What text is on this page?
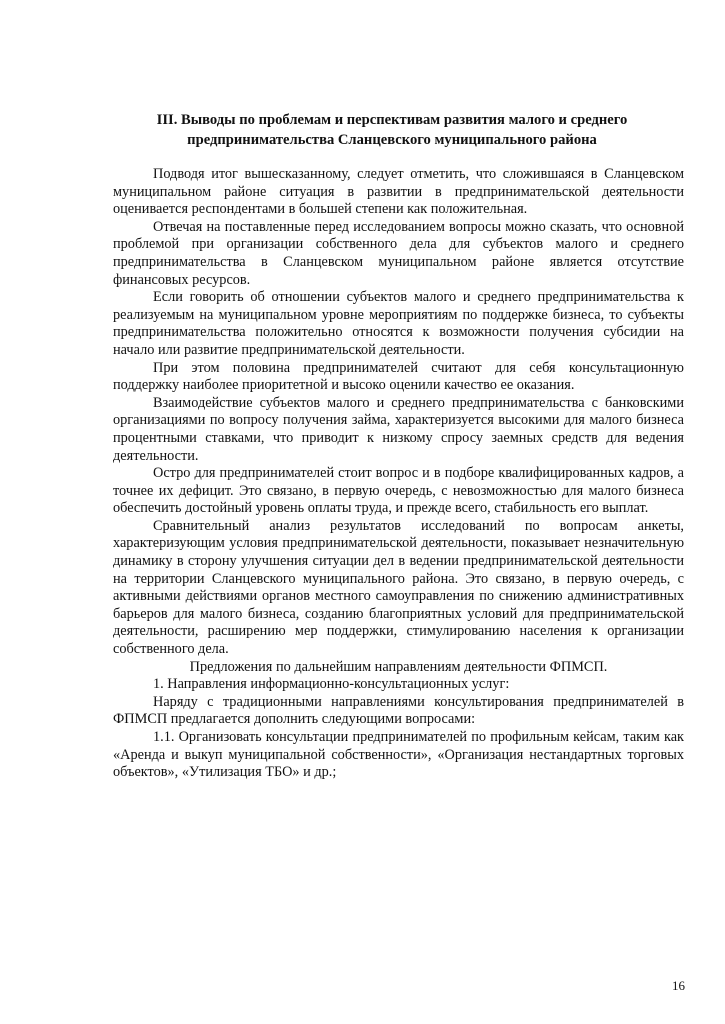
III. Выводы по проблемам и перспективам развития малого и среднего предпринимательства Сланцевского муниципального района

Подводя итог вышесказанному, следует отметить, что сложившаяся в Сланцевском муниципальном районе ситуация в развитии в предпринимательской деятельности оценивается респондентами в большей степени как положительная.

Отвечая на поставленные перед исследованием вопросы можно сказать, что основной проблемой при организации собственного дела для субъектов малого и среднего предпринимательства в Сланцевском муниципальном районе является отсутствие финансовых ресурсов.

Если говорить об отношении субъектов малого и среднего предпринимательства к реализуемым на муниципальном уровне мероприятиям по поддержке бизнеса, то субъекты предпринимательства положительно относятся к возможности получения субсидии на начало или развитие предпринимательской деятельности.

При этом половина предпринимателей считают для себя консультационную поддержку наиболее приоритетной и высоко оценили качество ее оказания.

Взаимодействие субъектов малого и среднего предпринимательства с банковскими организациями по вопросу получения займа, характеризуется высокими для малого бизнеса процентными ставками, что приводит к низкому спросу заемных средств для ведения деятельности.

Остро для предпринимателей стоит вопрос и в подборе квалифицированных кадров, а точнее их дефицит. Это связано, в первую очередь, с невозможностью для малого бизнеса обеспечить достойный уровень оплаты труда, и прежде всего, стабильность его выплат.

Сравнительный анализ результатов исследований по вопросам анкеты, характеризующим условия предпринимательской деятельности, показывает незначительную динамику в сторону улучшения ситуации дел в ведении предпринимательской деятельности на территории Сланцевского муниципального района. Это связано, в первую очередь, с активными действиями органов местного самоуправления по снижению административных барьеров для малого бизнеса, созданию благоприятных условий для предпринимательской деятельности, расширению мер поддержки, стимулированию населения к организации собственного дела.

Предложения по дальнейшим направлениям деятельности ФПМСП.

1. Направления информационно-консультационных услуг:

Наряду с традиционными направлениями консультирования предпринимателей в ФПМСП предлагается дополнить следующими вопросами:

1.1. Организовать консультации предпринимателей по профильным кейсам, таким как «Аренда и выкуп муниципальной собственности», «Организация нестандартных торговых объектов», «Утилизация ТБО» и др.;

16
